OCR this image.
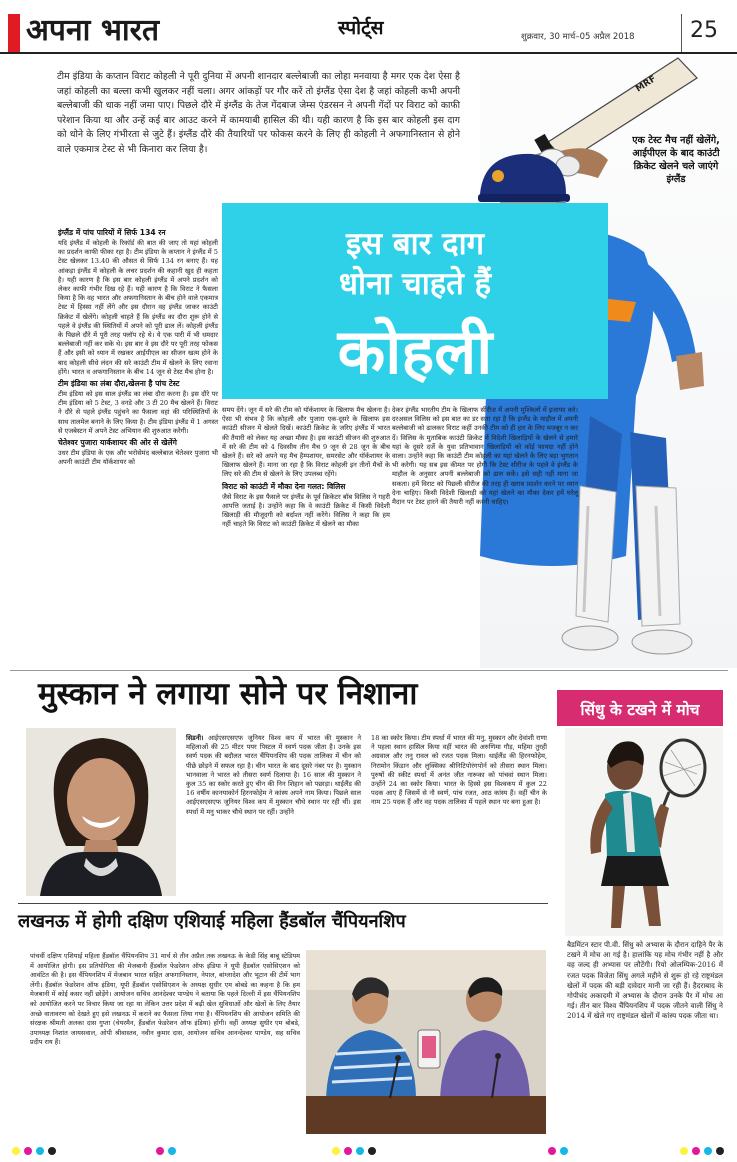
अपना भारत	स्पोर्ट्स	शुक्रवार, 30 मार्च–05 अप्रैल 2018	25
MRF
एक टेस्ट मैच नहीं खेलेंगे, आईपीएल के बाद काउंटी क्रिकेट खेलने चले जाएंगे इंग्लैंड
टीम इंडिया के कप्तान विराट कोहली ने पूरी दुनिया में अपनी शानदार बल्लेबाजी का लोहा मनवाया है मगर एक देश ऐसा है जहां कोहली का बल्ला कभी खुलकर नहीं चला। अगर आंकड़ों पर गौर करें तो इंग्लैंड ऐसा देश है जहां कोहली कभी अपनी बल्लेबाजी की धाक नहीं जमा पाए। पिछले दौरे में इंग्लैंड के तेज गेंदबाज जेम्स एंडरसन ने अपनी गेंदों पर विराट को काफी परेशान किया था और उन्हें कई बार आउट करने में कामयाबी हासिल की थी। यही कारण है कि इस बार कोहली इस दाग को धोने के लिए गंभीरता से जुटे हैं। इंग्लैंड दौरे की तैयारियों पर फोकस करने के लिए ही कोहली ने अफगानिस्तान से होने वाले एकमात्र टेस्ट से भी किनारा कर लिया है।
इस बार दाग
धोना चाहते हैं
कोहली
इंग्लैंड में पांच पारियों में सिर्फ 134 रन

यदि इंग्लैंड में कोहली के रिकॉर्ड की बात की जाए तो यहां कोहली का प्रदर्शन काफी फीका रहा है। टीम इंडिया के कप्तान ने इंग्लैंड में 5 टेस्ट खेलकर 13.40 की औसत से सिर्फ 134 रन बनाए हैं। यह आंकड़ा इंग्लैंड में कोहली के लचर प्रदर्शन की कहानी खुद ही कहता है। यही कारण है कि इस बार कोहली इंग्लैंड में अपने प्रदर्शन को लेकर काफी गंभीर दिख रहे हैं। यही कारण है कि विराट ने फैसला किया है कि वह भारत और अफगानिस्तान के बीच होने वाले एकमात्र टेस्ट में हिस्सा नहीं लेंगे और इस दौरान वह इंग्लैंड जाकर काउंटी क्रिकेट में खेलेंगे। कोहली चाहते हैं कि इंग्लैंड का दौरा शुरू होने से पहले वे इंग्लैंड की स्थितियों में अपने को पूरी ढाल लें। कोहली इंग्लैंड के पिछले दौरे में पूरी तरह फ्लॉप रहे थे। ये एक पारी में भी धमदार बल्लेबाजी नहीं कर सके थे। इस बार वे इस दौरे पर पूरी तरह फोकस हैं और इसी को ध्यान में रखकर आईपीएल का सीजन खत्म होने के बाद कोहली सीधे लंदन की सरे काउंटी टीम में खेलने के लिए रवाना होंगे। भारत व अफगानिस्तान के बीच 14 जून से टेस्ट मैच होना है।

टीम इंडिया का लंबा दौरा,खेलना है पांच टेस्ट

टीम इंडिया को इस साल इंग्लैंड का लंबा दौरा करना है। इस दौरे पर टीम इंडिया को 5 टेस्ट, 3 वनडे और 3 टी 20 मैच खेलने हैं। विराट ने दौरे से पहले इंग्लैंड पहुंचने का फैसला वहां की परिस्थितियों के साथ तालमेल बनाने के लिए किया है। टीम इंडिया इंग्लैंड में 1 अगस्त से एजबेस्टन में अपने टेस्ट अभियान की शुरुआत करेगी।

चेतेश्वर पुजारा यार्कशायर की ओर से खेलेंगे

उधर टीम इंडिया के एक और भरोसेमंद बल्लेबाज चेतेश्वर पुजारा भी अपनी काउंटी टीम यॉर्कशायर को

समय देंगे। जून में सरे की टीम को यॉर्कशायर के खिलाफ मैच खेलना है। ऐसा भी संभव है कि कोहली और पुजारा एक-दूसरे के खिलाफ इस काउंटी सीजन में खेलते दिखें। काउंटी क्रिकेट के जरिए इंग्लैंड में भारत की तैयारी को लेकर यह अच्छा मौका है। इस काउंटी सीजन की शुरुआत में सरे की टीम को 4 दिवसीय तीन मैच 9 जून से 28 जून के बीच खेलने हैं। सरे को अपने यह मैच हैम्पशायर, समरसेट और यॉर्कशायर के खिलाफ खेलने हैं। माना जा रहा है कि विराट कोहली इन तीनों मैचों के लिए सरे की टीम से खेलने के लिए उपलब्ध रहेंगे।

विराट को काउंटी में मौका देना गलत: विलिस

जैसे विराट के इस फैसले पर इंग्लैंड के पूर्व क्रिकेटर बॉब विलिस ने गहरी आपत्ति जताई है। उन्होंने कहा कि वे काउंटी क्रिकेट में किसी विदेशी खिलाड़ी की मौजूदगी को बर्दाश्त नहीं करेंगे। विलिस ने कहा कि हम नहीं चाहते कि विराट को काउंटी क्रिकेट में खेलने का मौका

देकर इंग्लैंड भारतीय टीम के खिलाफ सीरीज में अपनी मुश्किलों में इजाफा करे। दरअसल विलिस को इस बात का डर सता रहा है कि इंग्लैंड के माहौल में अपनी बल्लेबाजी को ढालकर विराट कहीं उनकी टीम को ही हार के लिए मजबूर न कर दें। विलिस के मुताबिक काउंटी क्रिकेट में विदेशी खिलाड़ियों के खेलने से हमारे यहां के दूसरे दर्जे के युवा प्रतिभावान खिलाड़ियों को कोई फायदा नहीं होने वाला। उन्होंने कहा कि काउंटी टीम कोहली का यहां खेलने के लिए बड़ा भुगतान भी करेगी। यह सब इस कीमत पर होगी कि टेस्ट सीरीज के पहले वे इंग्लैंड के माहौल के अनुसार अपनी बल्लेबाजी को ढाल सकें। इसे सही नहीं माना जा सकता। हमें विराट को पिछली सीरीज की तरह ही खराब प्रदर्शन करने पर ध्यान देना चाहिए। किसी विदेशी खिलाड़ी को यहां खेलने का मौका देकर हमें घरेलू मैदान पर टेस्ट हारने की तैयारी नहीं करनी चाहिए।

मुस्कान ने लगाया सोने पर निशाना

सिडनी। आईएसएसएफ जूनियर विश्व कप में भारत की मुस्कान ने महिलाओं की 25 मीटर पयर पिस्टल में स्वर्ण पदक जीता है। उनके इस स्वर्ण पदक की बदौलत भारत चैंपियनशिप की पदक तालिका में चीन को पीछे छोड़ने में सफल रहा है। चीन भारत के बाद दूसरे नंबर पर है। मुस्कान भानवाला ने भारत को तीसरा स्वर्ण दिलाया है। 16 साल की मुस्कान ने कुल 35 का स्कोर करते हुए चीन की निन शिहान को पछाड़ा। थाईलैंड की 16 वर्षीय कानयाकोर्न हिरनफोहेम ने कांस्य अपने नाम किया। पिछले साल आईएसएसएफ जूनियर विश्व कप में मुस्कान चौथे स्थान पर रही थीं। इस स्पर्धा में मनु भाकर चौथे स्थान पर रहीं। उन्होंने

18 का स्कोर किया। टीम स्पर्धा में भारत की मनु, मुस्कान और देवांशी राणा ने पहला स्थान हासिल किया वहीं भारत की अरुणिमा गौड़, महिमा तुरही अग्रवाल और तनु रावल को रजत पदक मिला। थाईलैंड की हिरनफोहेम, निरामोन किंडान और लुक्सिका श्रीनिटिपोरंगपोर्न को तीसरा स्थान मिला। पुरुषों की स्कीट स्पर्धा में अनंत जीत नारूका को पांचवां स्थान मिला। उन्होंने 24 का स्कोर किया। भारत के हिस्से इस विश्वकप में कुल 22 पदक आए हैं जिसमें से नौ स्वर्ण, पांच रजत, आठ कांस्य हैं। वहीं चीन के नाम 25 पदक हैं और वह पदक तालिका में पहले स्थान पर बना हुआ है।

सिंधु के टखने में मोच

बैडमिंटन स्टार पी.वी. सिंधु को अभ्यास के दौरान दाहिने पैर के टखने में मोच आ गई है। हालांकि यह मोच गंभीर नहीं है और वह जल्द ही अभ्यास पर लौटेंगी। रियो ओलम्पिक-2016 में रजत पदक विजेता सिंधु अगले महीने से शुरू हो रहे राष्ट्रमंडल खेलों में पदक की बड़ी दावेदार मानी जा रही हैं। हैदराबाद के गोपीचंद अकादमी में अभ्यास के दौरान उनके पैर में मोच आ गई। तीन बार विश्व चैंपियनशिप में पदक जीतने वाली सिंधु ने 2014 में खेले गए राष्ट्रमंडल खेलों में कांस्य पदक जीता था।

लखनऊ में होगी दक्षिण एशियाई महिला हैंडबॉल चैंपियनशिप

पांचवीं दक्षिण एशियाई महिला हैंडबॉल चैंपियनशिप 31 मार्च से तीन अप्रैल तक लखनऊ के केडी सिंह बाबू स्टेडियम में आयोजित होगी। इस प्रतियोगिता की मेजबानी हैंडबॉल फेडरेशन ऑफ इंडिया ने यूपी हैंडबॉल एसोसिएशन को आवंटित की है। इस चैंपियनशिप में मेजबान भारत सहित अफगानिस्तान, नेपाल, बांग्लादेश और भूटान की टीमें भाग लेंगी। हैंडबॉल फेडरेशन ऑफ इंडिया, यूपी हैंडबॉल एसोसिएशन के अध्यक्ष सुधीर एम बोबडे का कहना है कि हम मेजबानी में कोई कसर नहीं छोड़ेंगे। आयोजन सचिव आनंदेश्वर पाण्डेय ने बताया कि पहले दिल्ली में इस चैंपियनशिप को आयोजित करने पर विचार किया जा रहा था लेकिन उत्तर प्रदेश में बढ़ी खेल सुविधाओं और खेलों के लिए तैयार अच्छे वातावरण को देखते हुए इसे लखनऊ में कराने का फैसला लिया गया है। चैंपियनशिप की आयोजन समिति की संरक्षक श्रीमती अलका दास गुप्ता (चेयरमैन, हैंडबॉल फेडरेशन ऑफ इंडिया) होंगी। वहीं अध्यक्ष सुधीर एम बोबडे, उपाध्यक्ष निशांत जायसवाल, ओपी श्रीवास्तव, नवीन कुमार दास, आयोजन सचिव आनन्देश्वर पाण्डेय, सह सचिव प्रदीप राय हैं।
